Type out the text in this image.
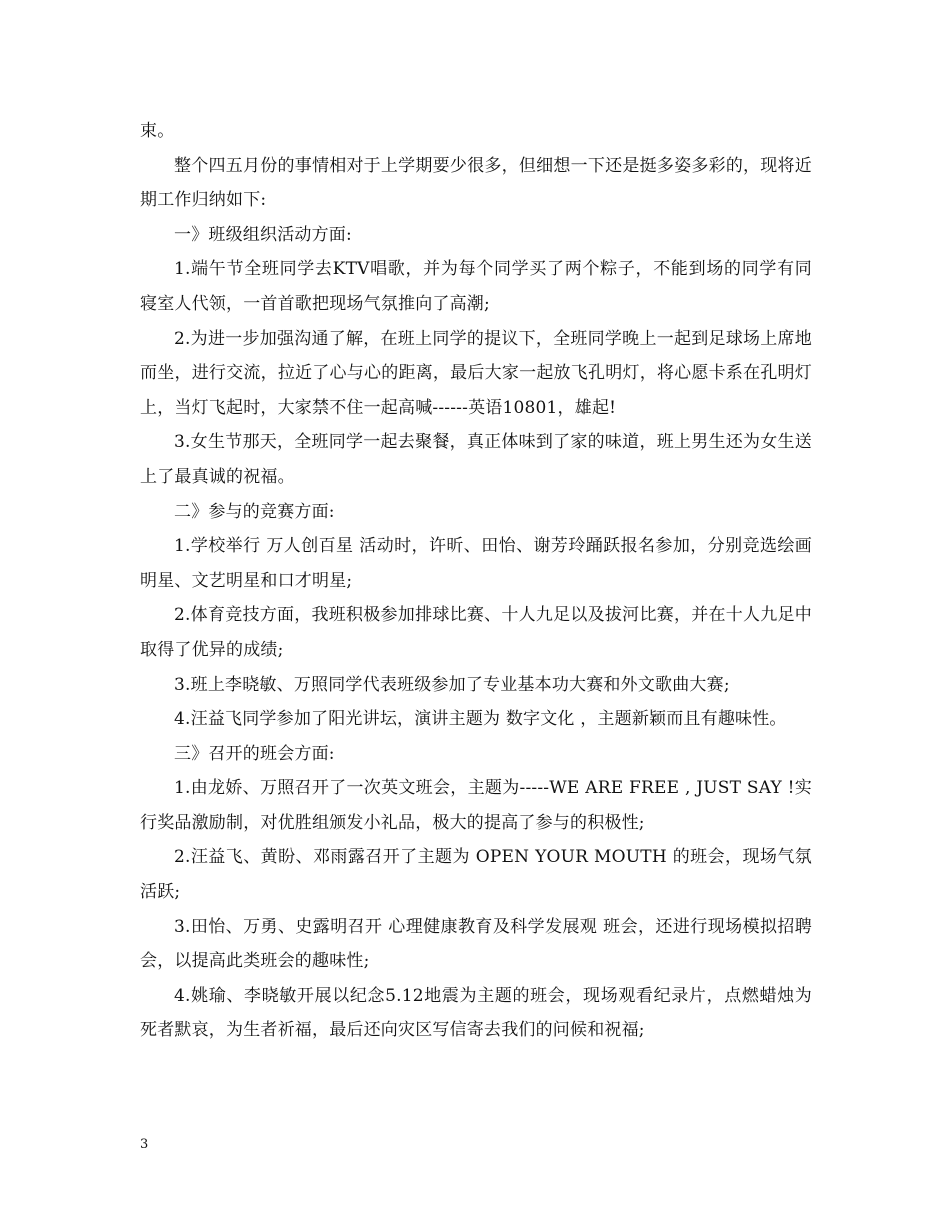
束。

整个四五月份的事情相对于上学期要少很多，但细想一下还是挺多姿多彩的，现将近期工作归纳如下:

一》班级组织活动方面:

1.端午节全班同学去KTV唱歌，并为每个同学买了两个粽子，不能到场的同学有同寝室人代领，一首首歌把现场气氛推向了高潮;

2.为进一步加强沟通了解，在班上同学的提议下，全班同学晚上一起到足球场上席地而坐，进行交流，拉近了心与心的距离，最后大家一起放飞孔明灯，将心愿卡系在孔明灯上，当灯飞起时，大家禁不住一起高喊------英语10801，雄起!

3.女生节那天，全班同学一起去聚餐，真正体味到了家的味道，班上男生还为女生送上了最真诚的祝福。

二》参与的竞赛方面:

1.学校举行 万人创百星 活动时，许昕、田怡、谢芳玲踊跃报名参加，分别竞选绘画明星、文艺明星和口才明星;

2.体育竞技方面，我班积极参加排球比赛、十人九足以及拔河比赛，并在十人九足中取得了优异的成绩;

3.班上李晓敏、万照同学代表班级参加了专业基本功大赛和外文歌曲大赛;

4.汪益飞同学参加了阳光讲坛，演讲主题为 数字文化 ，主题新颖而且有趣味性。

三》召开的班会方面:

1.由龙娇、万照召开了一次英文班会，主题为-----WE ARE FREE , JUST SAY !实行奖品激励制，对优胜组颁发小礼品，极大的提高了参与的积极性;

2.汪益飞、黄盼、邓雨露召开了主题为 OPEN YOUR MOUTH 的班会，现场气氛活跃;

3.田怡、万勇、史露明召开 心理健康教育及科学发展观 班会，还进行现场模拟招聘会，以提高此类班会的趣味性;

4.姚瑜、李晓敏开展以纪念5.12地震为主题的班会，现场观看纪录片，点燃蜡烛为死者默哀，为生者祈福，最后还向灾区写信寄去我们的问候和祝福;

3
